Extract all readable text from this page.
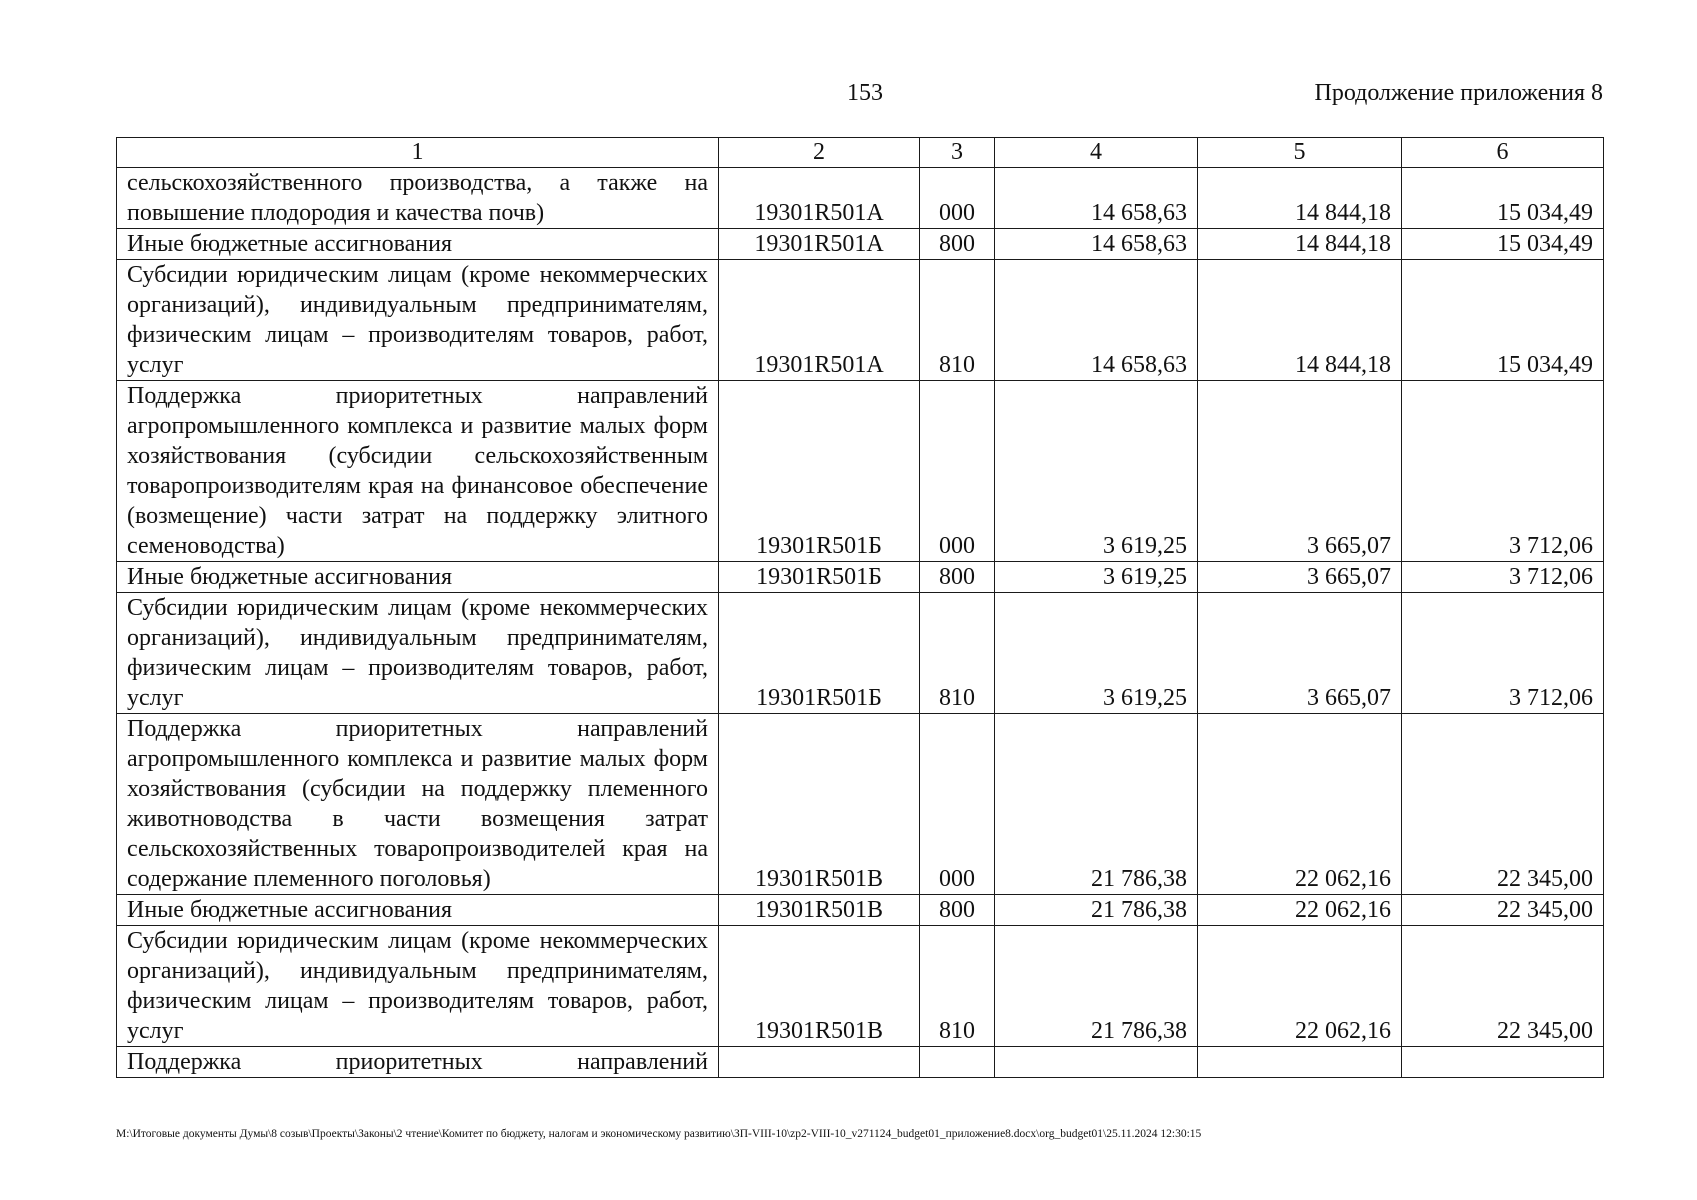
153	Продолжение приложения 8
1	2	3	4	5	6
сельскохозяйственного производства, а также на повышение плодородия и качества почв)	19301R501A	000	14 658,63	14 844,18	15 034,49
Иные бюджетные ассигнования	19301R501A	800	14 658,63	14 844,18	15 034,49
Субсидии юридическим лицам (кроме некоммерческих организаций), индивидуальным предпринимателям, физическим лицам – производителям товаров, работ, услуг	19301R501A	810	14 658,63	14 844,18	15 034,49
Поддержка приоритетных направлений агропромышленного комплекса и развитие малых форм хозяйствования (субсидии сельскохозяйственным товаропроизводителям края на финансовое обеспечение (возмещение) части затрат на поддержку элитного семеноводства)	19301R501Б	000	3 619,25	3 665,07	3 712,06
Иные бюджетные ассигнования	19301R501Б	800	3 619,25	3 665,07	3 712,06
Субсидии юридическим лицам (кроме некоммерческих организаций), индивидуальным предпринимателям, физическим лицам – производителям товаров, работ, услуг	19301R501Б	810	3 619,25	3 665,07	3 712,06
Поддержка приоритетных направлений агропромышленного комплекса и развитие малых форм хозяйствования (субсидии на поддержку племенного животноводства в части возмещения затрат сельскохозяйственных товаропроизводителей края на содержание племенного поголовья)	19301R501В	000	21 786,38	22 062,16	22 345,00
Иные бюджетные ассигнования	19301R501В	800	21 786,38	22 062,16	22 345,00
Субсидии юридическим лицам (кроме некоммерческих организаций), индивидуальным предпринимателям, физическим лицам – производителям товаров, работ, услуг	19301R501В	810	21 786,38	22 062,16	22 345,00
Поддержка приоритетных направлений					
M:\Итоговые документы Думы\8 созыв\Проекты\Законы\2 чтение\Комитет по бюджету, налогам и экономическому развитию\ЗП-VIII-10\zp2-VIII-10_v271124_budget01_приложение8.docx\org_budget01\25.11.2024 12:30:15
